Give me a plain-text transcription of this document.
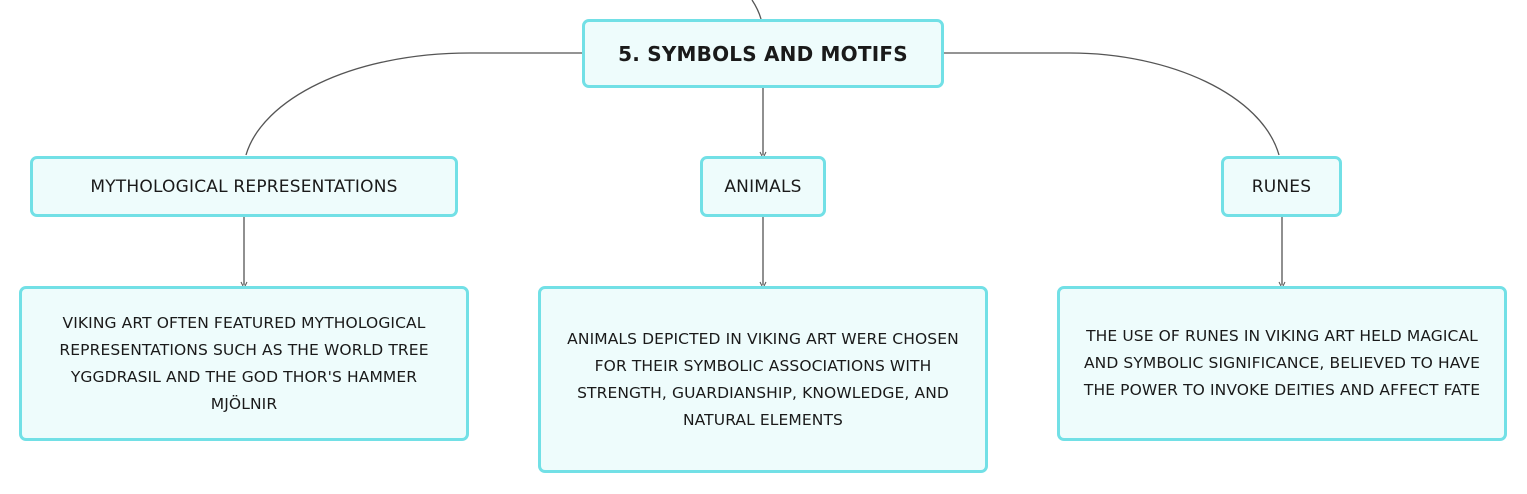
5. SYMBOLS AND MOTIFS
MYTHOLOGICAL REPRESENTATIONS	ANIMALS	RUNES
VIKING ART OFTEN FEATURED MYTHOLOGICAL REPRESENTATIONS SUCH AS THE WORLD TREE YGGDRASIL AND THE GOD THOR'S HAMMER MJÖLNIR
ANIMALS DEPICTED IN VIKING ART WERE CHOSEN FOR THEIR SYMBOLIC ASSOCIATIONS WITH STRENGTH, GUARDIANSHIP, KNOWLEDGE, AND NATURAL ELEMENTS
THE USE OF RUNES IN VIKING ART HELD MAGICAL AND SYMBOLIC SIGNIFICANCE, BELIEVED TO HAVE THE POWER TO INVOKE DEITIES AND AFFECT FATE
